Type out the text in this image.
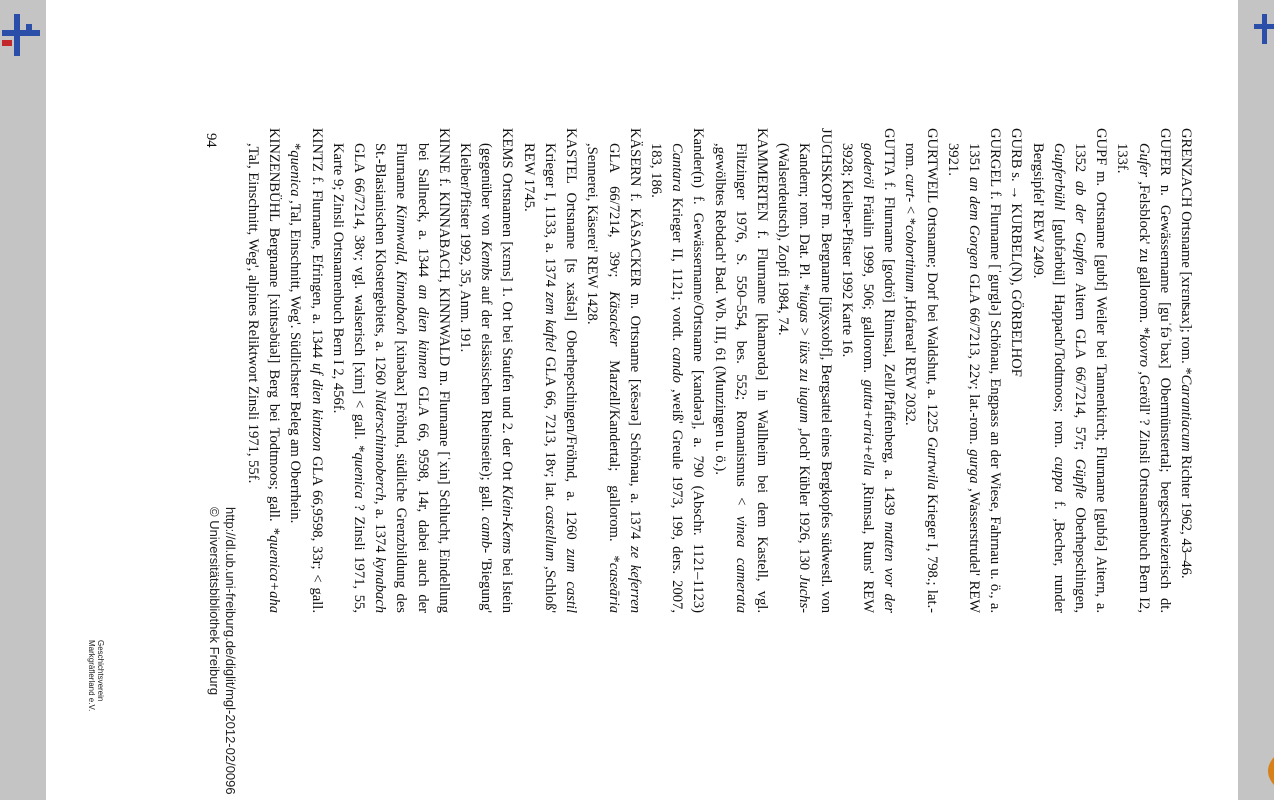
GRENZACH Ortsname [xrɛnʦax]; rom. *Carantiacum Richter 1962, 43–46.

GUFER n. Gewässername [guˈfəˈbax] Obermünstertal; bergschweizerisch dt. Gufer ,Felsblock' zu gallorom. *kovro ,Geröll' ? Zinsli Ortsnamenbuch Bern I2, 133f.

GUPF m. Ortsname [gubf] Weiler bei Tannenkirch; Flurname [gubfə] Aitern, a. 1352 ab der Gupfen Aitern GLA 66/7214, 57r; Güpfle Oberhepschingen, Gupferbühl [gubfərbül] Happach/Todtmoos; rom. cuppa f. ,Becher, runder Bergsipfel' REW 2409.

GURB s. → KURBEL(N), GÖRBELHOF

GURGEL f. Flurname [ˈgurglə] Schönau, Engpass an der Wiese, Fahrnau u. ö., a. 1351 an dem Gorgen GLA 66/7213, 22v; lat.-rom. gurga ,Wasserstrudel' REW 3921.

GURTWEIL Ortsname; Dorf bei Waldshut, a. 1225 Gurtwila Krieger I, 798.; lat.-rom. curt- < *cohortinum ,Hofareal' REW 2032.

GUTTA f. Flurname [godrö] Rinnsal, Zell/Pfaffenberg, a. 1439 matten vor der goderöl Fräulin 1999, 506; gallorom. gutta+aria+ella ,Rinnsal, Runs' REW 3928; Kleiber-Pfister 1992 Karte 16.

JUCHSKOPF m. Bergname [jūχsxobf], Bergsattel eines Bergkopfes südwestl. von Kandern; rom. Dat. Pl. *iugas > iüxs zu iugum ,Joch' Kübler 1926, 130 Juchs- (Walserdeutsch), Zopfi 1984, 74.

KAMMERTEN f. Flurname [khamərdə] in Wallheim bei dem Kastell, vgl. Filtzinger 1976, S. 550–554, bes. 552; Romanismus < vinea camerata ,gewölbtes Rebdach' Bad. Wb. III, 61 (Munzingen u. ö.).

Kander(n) f. Gewässername/Ortsname [xandərə], a. 790 (Abschr. 1121–1123) Cantara Krieger II, 1121; vordt. cando ,weiß' Greule 1973, 199, ders. 2007, 183, 186.

KÄSERN f. KÄSACKER m. Ortsname [xēsərə] Schönau, a. 1374 ze keferren GLA 66/7214, 39v; Käsacker Marzell/Kandertal; gallorom. *caseāria ,Sennerei, Käserei' REW 1428.

KASTEL Ortsname [ts xaštəl] Oberhepschingen/Fröhnd, a. 1260 zum castil Krieger I, 1133, a. 1374 zem kaftel GLA 66, 7213, 18v; lat. castellum ,Schloß' REW 1745.

KEMS Ortsnamen [xɛms] 1. Ort bei Staufen und 2. der Ort Klein-Kems bei Istein (gegenüber von Kembs auf der elsässischen Rheinseite); gall. camb- 'Biegung' Kleiber/Pfister 1992, 35, Anm. 191.

KINNE f. KINNABACH, KINNWALD m. Flurname [ˈxin] Schlucht, Eindellung bei Sallneck, a. 1344 an dien kinnen GLA 66, 9598, 14r, dabei auch der Flurname Kinnwald, Kinnabach [xinəbax] Fröhnd, südliche Grenzbildung des St.-Blasianischen Klostergebiets, a. 1260 Niderschinnoberch, a. 1374 kynabach GLA 66/7214, 38v; vgl. walserisch [xim] < gall. *quenica ? Zinsli 1971, 55, Karte 9; Zinsli Ortsnamenbuch Bern I 2, 456f.

KINTZ f. Flurname, Efringen, a. 1344 uf dien kintzon GLA 66,9598, 33r; < gall. *quenica ,Tal, Einschnitt, Weg'. Südlichster Beleg am Oberrhein.

KINZENBÜHL Bergname [xintsəbüəl] Berg bei Todtmoos; gall. *quenica+aha ,Tal, Einschnitt, Weg', alpines Reliktwort Zinsli 1971, 55f.

94
http://dl.ub.uni-freiburg.de/diglit/mgl-2012-02/0096
© Universitätsbibliothek Freiburg
Geschichtsverein
Markgräflerland e.V.
